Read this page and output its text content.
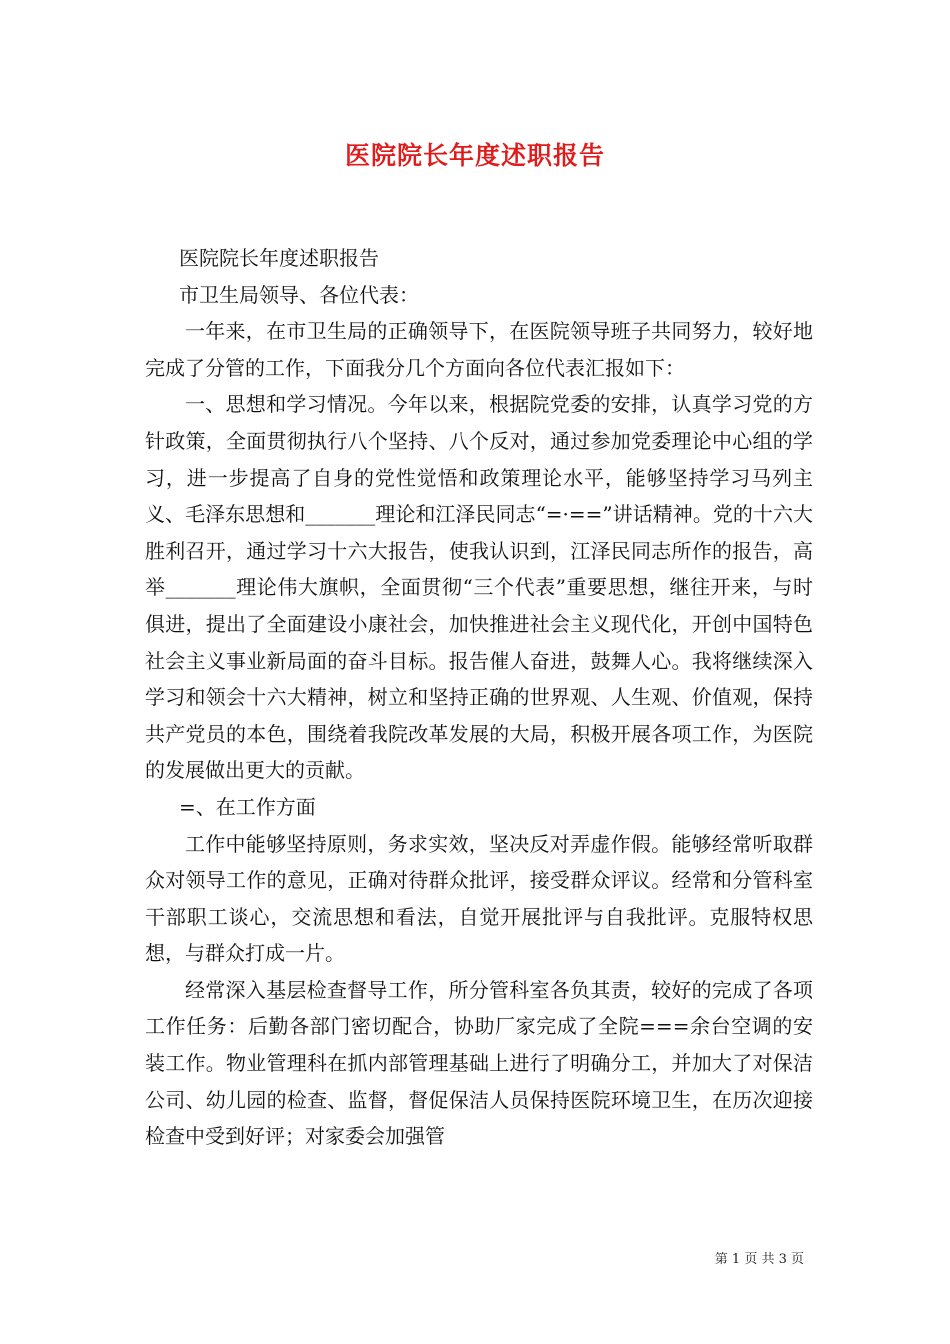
医院院长年度述职报告

医院院长年度述职报告

市卫生局领导、各位代表：

一年来，在市卫生局的正确领导下，在医院领导班子共同努力，较好地完成了分管的工作，下面我分几个方面向各位代表汇报如下：

一、思想和学习情况。今年以来，根据院党委的安排，认真学习党的方针政策，全面贯彻执行八个坚持、八个反对，通过参加党委理论中心组的学习，进一步提高了自身的党性觉悟和政策理论水平，能够坚持学习马列主义、毛泽东思想和_______理论和江泽民同志“=·==”讲话精神。党的十六大胜利召开，通过学习十六大报告，使我认识到，江泽民同志所作的报告，高举_______理论伟大旗帜，全面贯彻“三个代表”重要思想，继往开来，与时俱进，提出了全面建设小康社会，加快推进社会主义现代化，开创中国特色社会主义事业新局面的奋斗目标。报告催人奋进，鼓舞人心。我将继续深入学习和领会十六大精神，树立和坚持正确的世界观、人生观、价值观，保持共产党员的本色，围绕着我院改革发展的大局，积极开展各项工作，为医院的发展做出更大的贡献。

=、在工作方面

工作中能够坚持原则，务求实效，坚决反对弄虚作假。能够经常听取群众对领导工作的意见，正确对待群众批评，接受群众评议。经常和分管科室干部职工谈心，交流思想和看法，自觉开展批评与自我批评。克服特权思想，与群众打成一片。

经常深入基层检查督导工作，所分管科室各负其责，较好的完成了各项工作任务：后勤各部门密切配合，协助厂家完成了全院===余台空调的安装工作。物业管理科在抓内部管理基础上进行了明确分工，并加大了对保洁公司、幼儿园的检查、监督，督促保洁人员保持医院环境卫生，在历次迎接检查中受到好评；对家委会加强管

第 1 页 共 3 页
